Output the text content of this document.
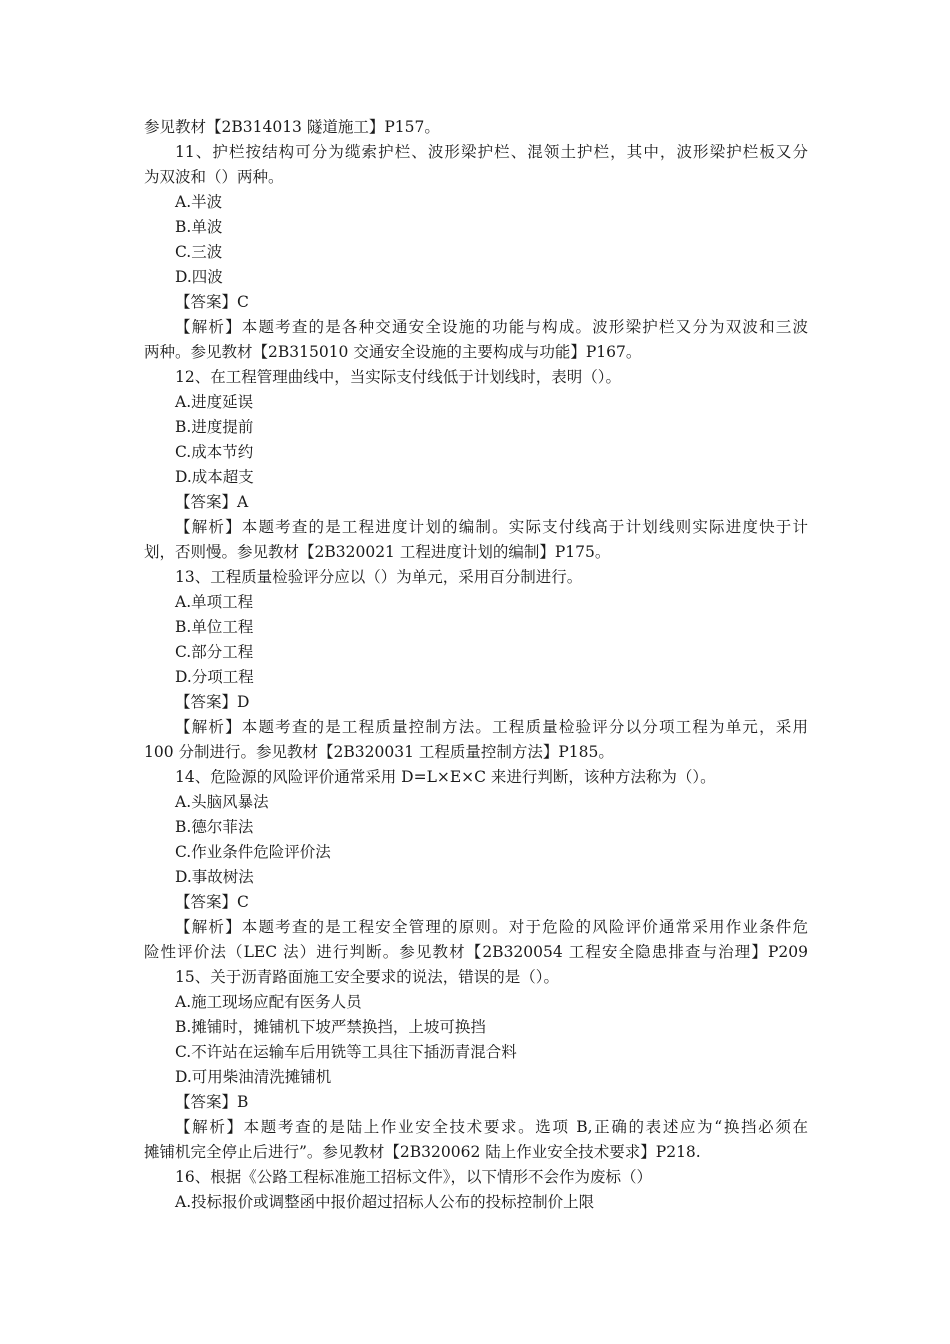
参见教材【2B314013 隧道施工】P157。
11、护栏按结构可分为缆索护栏、波形梁护栏、混领土护栏，其中，波形梁护栏板又分
为双波和（）两种。
A.半波
B.单波
C.三波
D.四波
【答案】C
【解析】本题考查的是各种交通安全设施的功能与构成。波形梁护栏又分为双波和三波
两种。参见教材【2B315010 交通安全设施的主要构成与功能】P167。
12、在工程管理曲线中，当实际支付线低于计划线时，表明（）。
A.进度延误
B.进度提前
C.成本节约
D.成本超支
【答案】A
【解析】本题考查的是工程进度计划的编制。实际支付线高于计划线则实际进度快于计
划，否则慢。参见教材【2B320021 工程进度计划的编制】P175。
13、工程质量检验评分应以（）为单元，采用百分制进行。
A.单项工程
B.单位工程
C.部分工程
D.分项工程
【答案】D
【解析】本题考查的是工程质量控制方法。工程质量检验评分以分项工程为单元，采用
100 分制进行。参见教材【2B320031 工程质量控制方法】P185。
14、危险源的风险评价通常采用 D=L×E×C 来进行判断，该种方法称为（）。
A.头脑风暴法
B.德尔菲法
C.作业条件危险评价法
D.事故树法
【答案】C
【解析】本题考查的是工程安全管理的原则。对于危险的风险评价通常采用作业条件危
险性评价法（LEC 法）进行判断。参见教材【2B320054 工程安全隐患排查与治理】P209
15、关于沥青路面施工安全要求的说法，错误的是（）。
A.施工现场应配有医务人员
B.摊铺时，摊铺机下坡严禁换挡，上坡可换挡
C.不许站在运输车后用铣等工具往下插沥青混合料
D.可用柴油清洗摊铺机
【答案】B
【解析】本题考查的是陆上作业安全技术要求。选项 B,正确的表述应为“换挡必须在
摊铺机完全停止后进行”。参见教材【2B320062 陆上作业安全技术要求】P218.
16、根据《公路工程标准施工招标文件》，以下情形不会作为废标（）
A.投标报价或调整函中报价超过招标人公布的投标控制价上限
